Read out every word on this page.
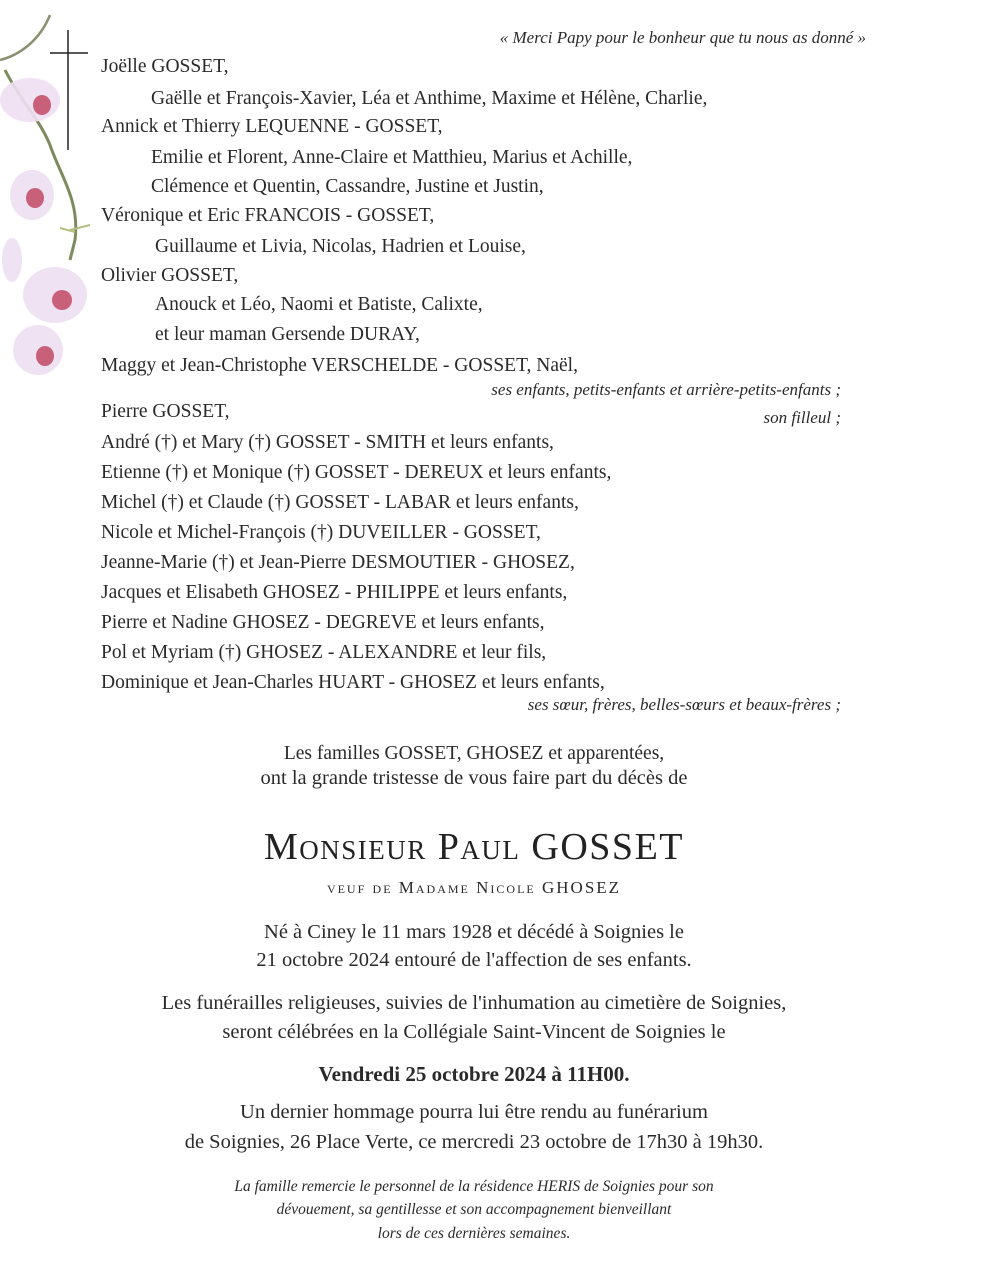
« Merci Papy pour le bonheur que tu nous as donné »
Joëlle GOSSET,
Gaëlle et François-Xavier, Léa et Anthime, Maxime et Hélène, Charlie,
Annick et Thierry LEQUENNE - GOSSET,
Emilie et Florent, Anne-Claire et Matthieu, Marius et Achille,
Clémence et Quentin, Cassandre, Justine et Justin,
Véronique et Eric FRANCOIS - GOSSET,
Guillaume et Livia, Nicolas, Hadrien et Louise,
Olivier GOSSET,
Anouck et Léo, Naomi et Batiste, Calixte,
et leur maman Gersende DURAY,
Maggy et Jean-Christophe VERSCHELDE - GOSSET, Naël,
ses enfants, petits-enfants et arrière-petits-enfants ;
Pierre GOSSET,	son filleul ;
André (†) et Mary (†) GOSSET - SMITH et leurs enfants,
Etienne (†) et Monique (†) GOSSET - DEREUX et leurs enfants,
Michel (†) et Claude (†) GOSSET - LABAR et leurs enfants,
Nicole et Michel-François (†) DUVEILLER - GOSSET,
Jeanne-Marie (†) et Jean-Pierre DESMOUTIER - GHOSEZ,
Jacques et Elisabeth GHOSEZ - PHILIPPE et leurs enfants,
Pierre et Nadine GHOSEZ - DEGREVE et leurs enfants,
Pol et Myriam (†) GHOSEZ - ALEXANDRE et leur fils,
Dominique et Jean-Charles HUART - GHOSEZ et leurs enfants,
ses sœur, frères, belles-sœurs et beaux-frères ;
Les familles GOSSET, GHOSEZ et apparentées,
ont la grande tristesse de vous faire part du décès de
Monsieur Paul GOSSET
veuf de Madame Nicole GHOSEZ
Né à Ciney le 11 mars 1928 et décédé à Soignies le
21 octobre 2024 entouré de l'affection de ses enfants.
Les funérailles religieuses, suivies de l'inhumation au cimetière de Soignies,
seront célébrées en la Collégiale Saint-Vincent de Soignies le
Vendredi 25 octobre 2024 à 11H00.
Un dernier hommage pourra lui être rendu au funérarium
de Soignies, 26 Place Verte, ce mercredi 23 octobre de 17h30 à 19h30.
La famille remercie le personnel de la résidence HERIS de Soignies pour son
dévouement, sa gentillesse et son accompagnement bienveillant
lors de ces dernières semaines.
